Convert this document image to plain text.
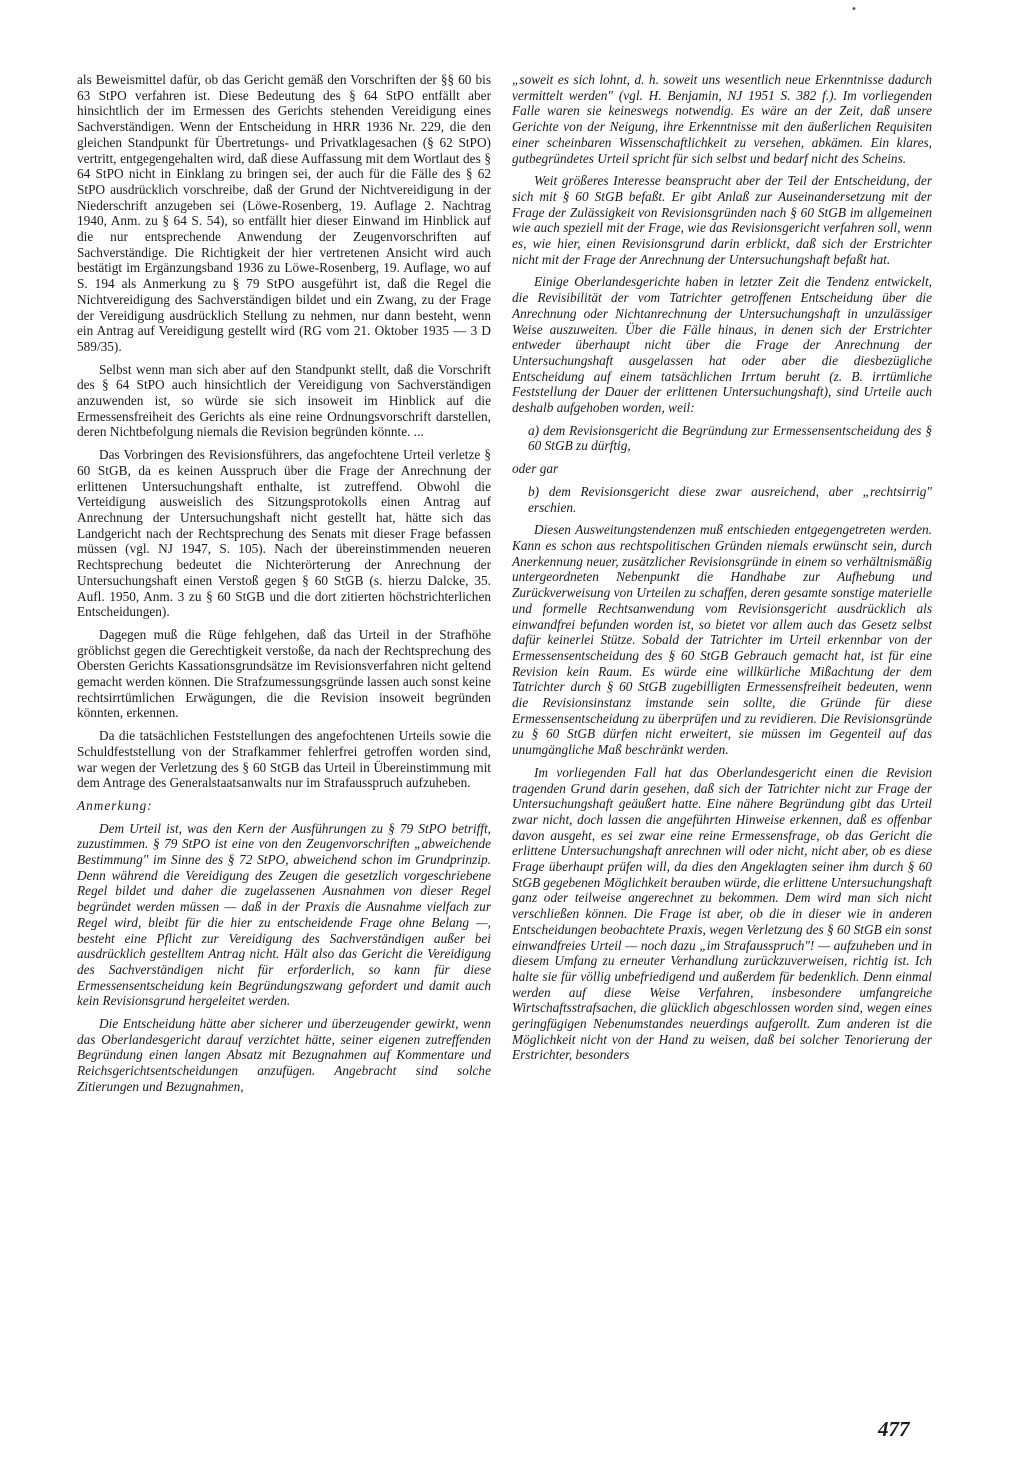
•

als Beweismittel dafür, ob das Gericht gemäß den Vorschriften der §§ 60 bis 63 StPO verfahren ist. Diese Bedeutung des § 64 StPO entfällt aber hinsichtlich der im Ermessen des Gerichts stehenden Vereidigung eines Sachverständigen. Wenn der Entscheidung in HRR 1936 Nr. 229, die den gleichen Standpunkt für Übertretungs- und Privatklagesachen (§ 62 StPO) vertritt, entgegengehalten wird, daß diese Auffassung mit dem Wortlaut des § 64 StPO nicht in Einklang zu bringen sei, der auch für die Fälle des § 62 StPO ausdrücklich vorschreibe, daß der Grund der Nichtvereidigung in der Niederschrift anzugeben sei (Löwe-Rosenberg, 19. Auflage 2. Nachtrag 1940, Anm. zu § 64 S. 54), so entfällt hier dieser Einwand im Hinblick auf die nur entsprechende Anwendung der Zeugenvorschriften auf Sachverständige. Die Richtigkeit der hier vertretenen Ansicht wird auch bestätigt im Ergänzungsband 1936 zu Löwe-Rosenberg, 19. Auflage, wo auf S. 194 als Anmerkung zu § 79 StPO ausgeführt ist, daß die Regel die Nichtvereidigung des Sachverständigen bildet und ein Zwang, zu der Frage der Vereidigung ausdrücklich Stellung zu nehmen, nur dann besteht, wenn ein Antrag auf Vereidigung gestellt wird (RG vom 21. Oktober 1935 — 3 D 589/35).

Selbst wenn man sich aber auf den Standpunkt stellt, daß die Vorschrift des § 64 StPO auch hinsichtlich der Vereidigung von Sachverständigen anzuwenden ist, so würde sie sich insoweit im Hinblick auf die Ermessensfreiheit des Gerichts als eine reine Ordnungsvorschrift darstellen, deren Nichtbefolgung niemals die Revision begründen könnte. ...

Das Vorbringen des Revisionsführers, das angefochtene Urteil verletze § 60 StGB, da es keinen Ausspruch über die Frage der Anrechnung der erlittenen Untersuchungshaft enthalte, ist zutreffend. Obwohl die Verteidigung ausweislich des Sitzungsprotokolls einen Antrag auf Anrechnung der Untersuchungshaft nicht gestellt hat, hätte sich das Landgericht nach der Rechtsprechung des Senats mit dieser Frage befassen müssen (vgl. NJ 1947, S. 105). Nach der übereinstimmenden neueren Rechtsprechung bedeutet die Nichterörterung der Anrechnung der Untersuchungshaft einen Verstoß gegen § 60 StGB (s. hierzu Dalcke, 35. Aufl. 1950, Anm. 3 zu § 60 StGB und die dort zitierten höchstrichterlichen Entscheidungen).

Dagegen muß die Rüge fehlgehen, daß das Urteil in der Strafhöhe gröblichst gegen die Gerechtigkeit verstoße, da nach der Rechtsprechung des Obersten Gerichts Kassationsgrundsätze im Revisionsverfahren nicht geltend gemacht werden können. Die Strafzumessungsgründe lassen auch sonst keine rechtsirrtümlichen Erwägungen, die die Revision insoweit begründen könnten, erkennen.

Da die tatsächlichen Feststellungen des angefochtenen Urteils sowie die Schuldfeststellung von der Strafkammer fehlerfrei getroffen worden sind, war wegen der Verletzung des § 60 StGB das Urteil in Übereinstimmung mit dem Antrage des Generalstaatsanwalts nur im Strafausspruch aufzuheben.

Anmerkung:

Dem Urteil ist, was den Kern der Ausführungen zu § 79 StPO betrifft, zuzustimmen. § 79 StPO ist eine von den Zeugenvorschriften „abweichende Bestimmung" im Sinne des § 72 StPO, abweichend schon im Grundprinzip. Denn während die Vereidigung des Zeugen die gesetzlich vorgeschriebene Regel bildet und daher die zugelassenen Ausnahmen von dieser Regel begründet werden müssen — daß in der Praxis die Ausnahme vielfach zur Regel wird, bleibt für die hier zu entscheidende Frage ohne Belang —, besteht eine Pflicht zur Vereidigung des Sachverständigen außer bei ausdrücklich gestelltem Antrag nicht. Hält also das Gericht die Vereidigung des Sachverständigen nicht für erforderlich, so kann für diese Ermessensentscheidung kein Begründungszwang gefordert und damit auch kein Revisionsgrund hergeleitet werden.

Die Entscheidung hätte aber sicherer und überzeugender gewirkt, wenn das Oberlandesgericht darauf verzichtet hätte, seiner eigenen zutreffenden Begründung einen langen Absatz mit Bezugnahmen auf Kommentare und Reichsgerichtsentscheidungen anzufügen. Angebracht sind solche Zitierungen und Bezugnahmen,

„soweit es sich lohnt, d. h. soweit uns wesentlich neue Erkenntnisse dadurch vermittelt werden" (vgl. H. Benjamin, NJ 1951 S. 382 f.). Im vorliegenden Falle waren sie keineswegs notwendig. Es wäre an der Zeit, daß unsere Gerichte von der Neigung, ihre Erkenntnisse mit den äußerlichen Requisiten einer scheinbaren Wissenschaftlichkeit zu versehen, abkämen. Ein klares, gutbegründetes Urteil spricht für sich selbst und bedarf nicht des Scheins.

Weit größeres Interesse beansprucht aber der Teil der Entscheidung, der sich mit § 60 StGB befaßt. Er gibt Anlaß zur Auseinandersetzung mit der Frage der Zulässigkeit von Revisionsgründen nach § 60 StGB im allgemeinen wie auch speziell mit der Frage, wie das Revisionsgericht verfahren soll, wenn es, wie hier, einen Revisionsgrund darin erblickt, daß sich der Erstrichter nicht mit der Frage der Anrechnung der Untersuchungshaft befaßt hat.

Einige Oberlandesgerichte haben in letzter Zeit die Tendenz entwickelt, die Revisibilität der vom Tatrichter getroffenen Entscheidung über die Anrechnung oder Nichtanrechnung der Untersuchungshaft in unzulässiger Weise auszuweiten. Über die Fälle hinaus, in denen sich der Erstrichter entweder überhaupt nicht über die Frage der Anrechnung der Untersuchungshaft ausgelassen hat oder aber die diesbezügliche Entscheidung auf einem tatsächlichen Irrtum beruht (z. B. irrtümliche Feststellung der Dauer der erlittenen Untersuchungshaft), sind Urteile auch deshalb aufgehoben worden, weil:

a) dem Revisionsgericht die Begründung zur Ermessensentscheidung des § 60 StGB zu dürftig,

oder gar

b) dem Revisionsgericht diese zwar ausreichend, aber „rechtsirrig" erschien.

Diesen Ausweitungstendenzen muß entschieden entgegengetreten werden. Kann es schon aus rechtspolitischen Gründen niemals erwünscht sein, durch Anerkennung neuer, zusätzlicher Revisionsgründe in einem so verhältnismäßig untergeordneten Nebenpunkt die Handhabe zur Aufhebung und Zurückverweisung von Urteilen zu schaffen, deren gesamte sonstige materielle und formelle Rechtsanwendung vom Revisionsgericht ausdrücklich als einwandfrei befunden worden ist, so bietet vor allem auch das Gesetz selbst dafür keinerlei Stütze. Sobald der Tatrichter im Urteil erkennbar von der Ermessensentscheidung des § 60 StGB Gebrauch gemacht hat, ist für eine Revision kein Raum. Es würde eine willkürliche Mißachtung der dem Tatrichter durch § 60 StGB zugebilligten Ermessensfreiheit bedeuten, wenn die Revisionsinstanz imstande sein sollte, die Gründe für diese Ermessensentscheidung zu überprüfen und zu revidieren. Die Revisionsgründe zu § 60 StGB dürfen nicht erweitert, sie müssen im Gegenteil auf das unumgängliche Maß beschränkt werden.

Im vorliegenden Fall hat das Oberlandesgericht einen die Revision tragenden Grund darin gesehen, daß sich der Tatrichter nicht zur Frage der Untersuchungshaft geäußert hatte. Eine nähere Begründung gibt das Urteil zwar nicht, doch lassen die angeführten Hinweise erkennen, daß es offenbar davon ausgeht, es sei zwar eine reine Ermessensfrage, ob das Gericht die erlittene Untersuchungshaft anrechnen will oder nicht, nicht aber, ob es diese Frage überhaupt prüfen will, da dies den Angeklagten seiner ihm durch § 60 StGB gegebenen Möglichkeit berauben würde, die erlittene Untersuchungshaft ganz oder teilweise angerechnet zu bekommen. Dem wird man sich nicht verschließen können. Die Frage ist aber, ob die in dieser wie in anderen Entscheidungen beobachtete Praxis, wegen Verletzung des § 60 StGB ein sonst einwandfreies Urteil — noch dazu „im Strafausspruch"! — aufzuheben und in diesem Umfang zu erneuter Verhandlung zurückzuverweisen, richtig ist. Ich halte sie für völlig unbefriedigend und außerdem für bedenklich. Denn einmal werden auf diese Weise Verfahren, insbesondere umfangreiche Wirtschaftsstrafsachen, die glücklich abgeschlossen worden sind, wegen eines geringfügigen Nebenumstandes neuerdings aufgerollt. Zum anderen ist die Möglichkeit nicht von der Hand zu weisen, daß bei solcher Tenorierung der Erstrichter, besonders

477
